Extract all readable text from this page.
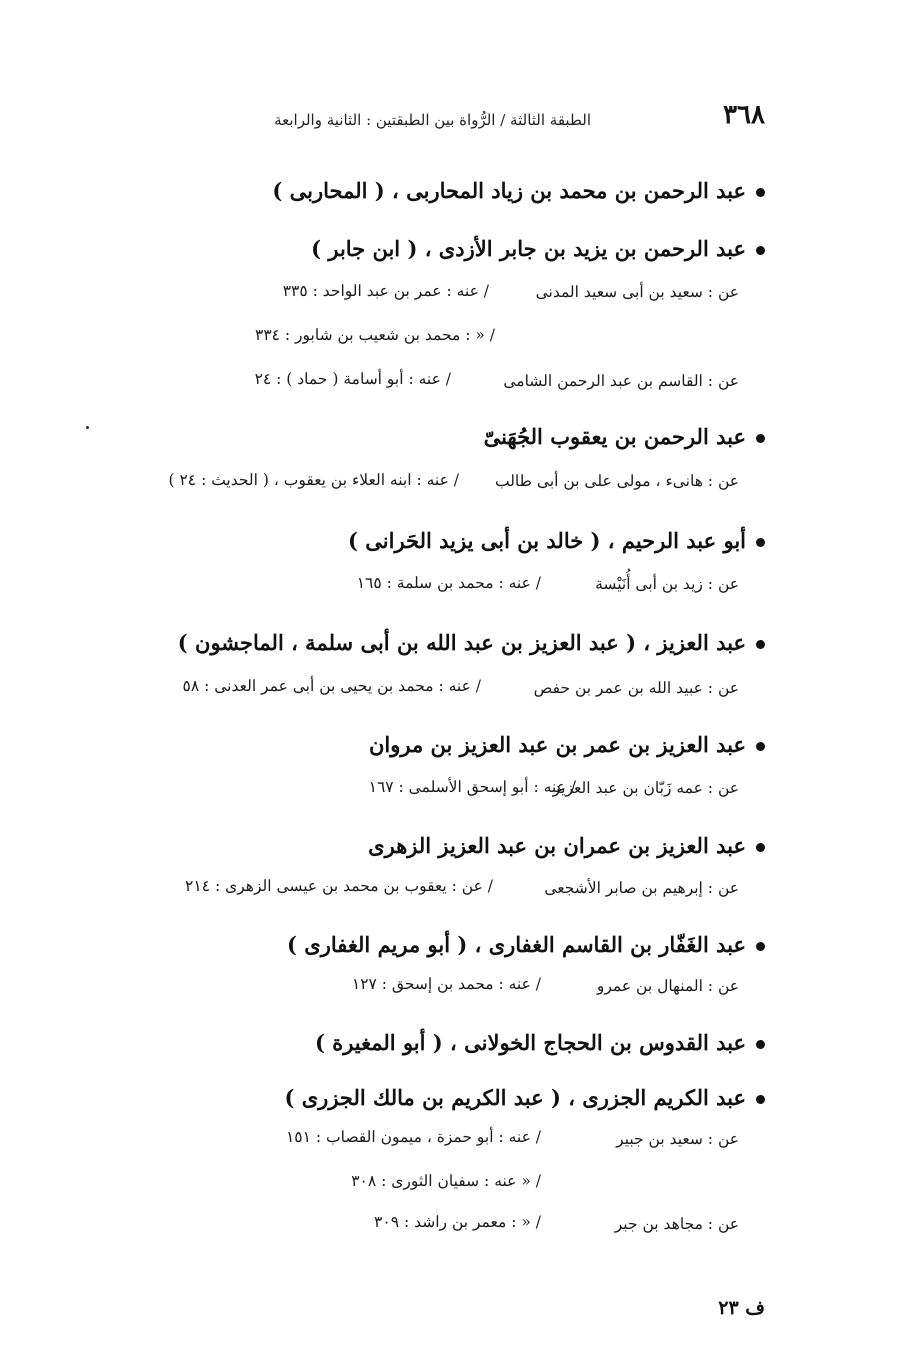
٣٦٨
الطبقة الثالثة / الرُّواة بين الطبقتين : الثانية والرابعة
عبد الرحمن بن محمد بن زياد المحاربى ، ( المحاربى )
عبد الرحمن بن يزيد بن جابر الأزدى ، ( ابن جابر )
عن : سعيد بن أبى سعيد المدنى
/ عنه : عمر بن عبد الواحد : ٣٣٥
/ « : محمد بن شعيب بن شابور : ٣٣٤
عن : القاسم بن عبد الرحمن الشامى
/ عنه : أبو أسامة ( حماد ) : ٢٤
عبد الرحمن بن يعقوب الجُهَنىّ
عن : هانىء ، مولى على بن أبى طالب
/ عنه : ابنه العلاء بن يعقوب ، ( الحديث : ٢٤ )
أبو عبد الرحيم ، ( خالد بن أبى يزيد الحَرانى )
عن : زيد بن أبى أُنَيْسة
/ عنه : محمد بن سلمة : ١٦٥
عبد العزيز ، ( عبد العزيز بن عبد الله بن أبى سلمة ، الماجشون )
عن : عبيد الله بن عمر بن حفص
/ عنه : محمد بن يحيى بن أبى عمر العدنى : ٥٨
عبد العزيز بن عمر بن عبد العزيز بن مروان
عن : عمه زَبّان بن عبد العزيز
/ عنه : أبو إسحق الأسلمى : ١٦٧
عبد العزيز بن عمران بن عبد العزيز الزهرى
عن : إبرهيم بن صابر الأشجعى
/ عن : يعقوب بن محمد بن عيسى الزهرى : ٢١٤
عبد الغَفّار بن القاسم الغفارى ، ( أبو مريم الغفارى )
عن : المنهال بن عمرو
/ عنه : محمد بن إسحق : ١٢٧
عبد القدوس بن الحجاج الخولانى ، ( أبو المغيرة )
عبد الكريم الجزرى ، ( عبد الكريم بن مالك الجزرى )
عن : سعيد بن جبير
/ عنه : أبو حمزة ، ميمون القصاب : ١٥١
/ « عنه : سفيان الثورى : ٣٠٨
عن : مجاهد بن جبر
/ « : معمر بن راشد : ٣٠٩
ف ٢٣
